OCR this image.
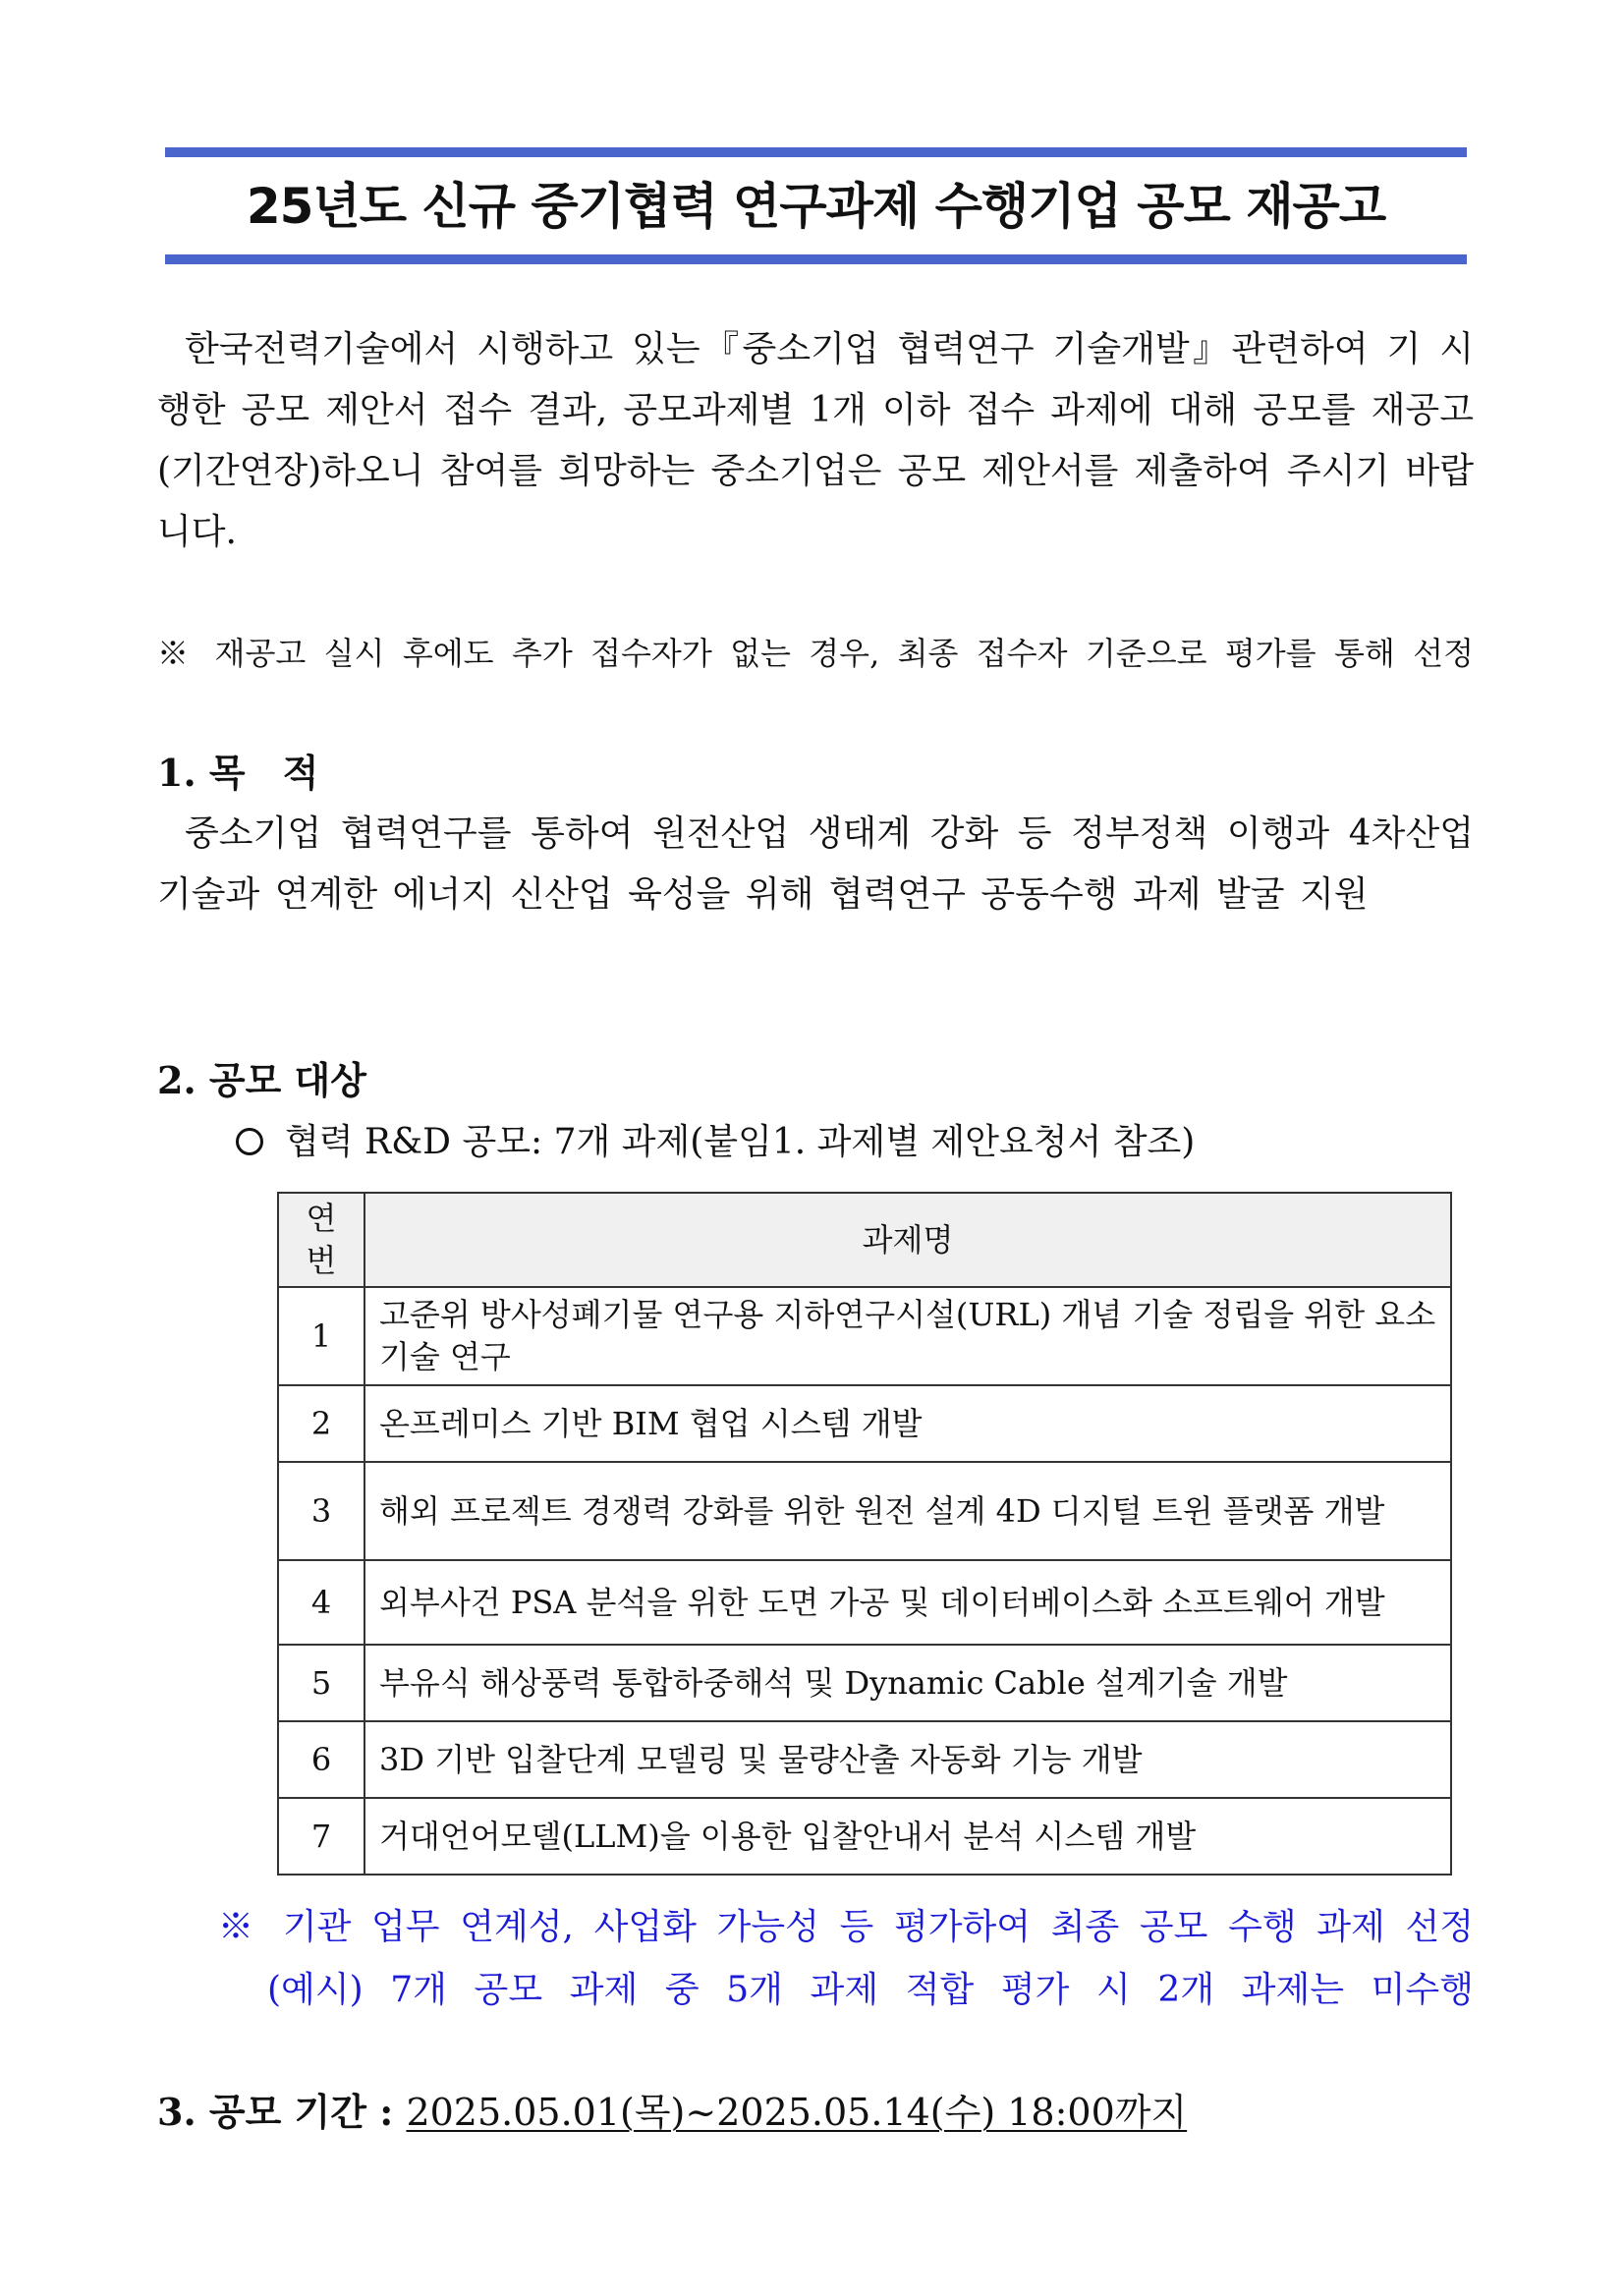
25년도 신규 중기협력 연구과제 수행기업 공모 재공고
한국전력기술에서 시행하고 있는『중소기업 협력연구 기술개발』관련하여 기 시행한 공모 제안서 접수 결과, 공모과제별 1개 이하 접수 과제에 대해 공모를 재공고(기간연장)하오니 참여를 희망하는 중소기업은 공모 제안서를 제출하여 주시기 바랍니다.
※ 재공고 실시 후에도 추가 접수자가 없는 경우, 최종 접수자 기준으로 평가를 통해 선정
1. 목　적
중소기업 협력연구를 통하여 원전산업 생태계 강화 등 정부정책 이행과 4차산업 기술과 연계한 에너지 신산업 육성을 위해 협력연구 공동수행 과제 발굴 지원
2. 공모 대상
협력 R&D 공모: 7개 과제(붙임1. 과제별 제안요청서 참조)
연번	과제명
1	고준위 방사성폐기물 연구용 지하연구시설(URL) 개념 기술 정립을 위한 요소기술 연구
2	온프레미스 기반 BIM 협업 시스템 개발
3	해외 프로젝트 경쟁력 강화를 위한 원전 설계 4D 디지털 트윈 플랫폼 개발
4	외부사건 PSA 분석을 위한 도면 가공 및 데이터베이스화 소프트웨어 개발
5	부유식 해상풍력 통합하중해석 및 Dynamic Cable 설계기술 개발
6	3D 기반 입찰단계 모델링 및 물량산출 자동화 기능 개발
7	거대언어모델(LLM)을 이용한 입찰안내서 분석 시스템 개발
※ 기관 업무 연계성, 사업화 가능성 등 평가하여 최종 공모 수행 과제 선정
(예시) 7개 공모 과제 중 5개 과제 적합 평가 시 2개 과제는 미수행
3. 공모 기간 : 2025.05.01(목)~2025.05.14(수) 18:00까지
